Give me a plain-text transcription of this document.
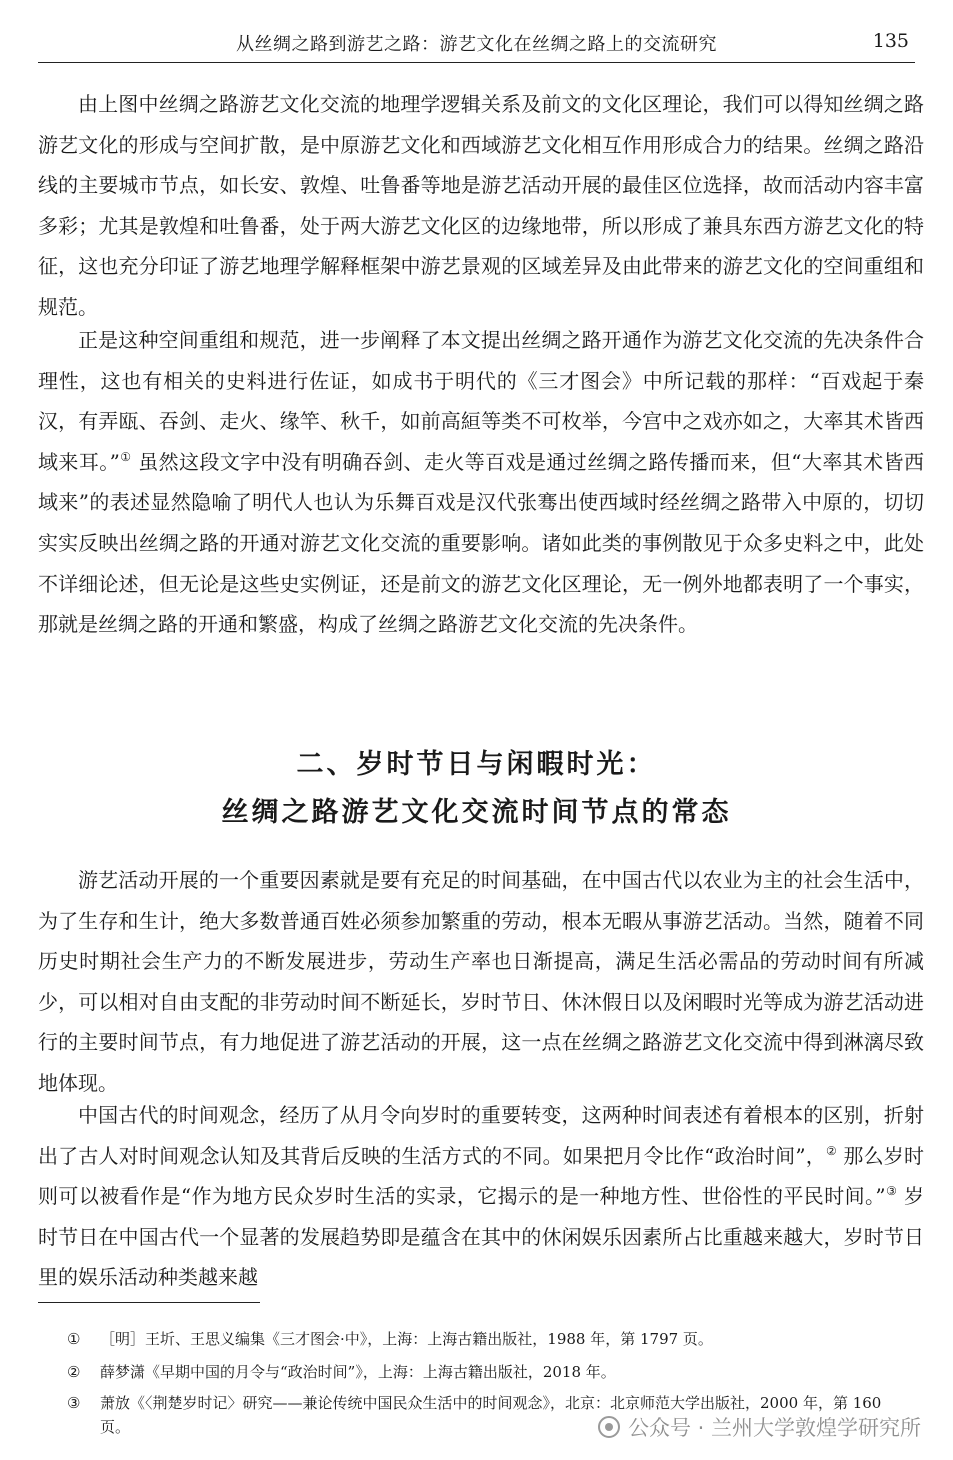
从丝绸之路到游艺之路：游艺文化在丝绸之路上的交流研究	135

由上图中丝绸之路游艺文化交流的地理学逻辑关系及前文的文化区理论，我们可以得知丝绸之路游艺文化的形成与空间扩散，是中原游艺文化和西域游艺文化相互作用形成合力的结果。丝绸之路沿线的主要城市节点，如长安、敦煌、吐鲁番等地是游艺活动开展的最佳区位选择，故而活动内容丰富多彩；尤其是敦煌和吐鲁番，处于两大游艺文化区的边缘地带，所以形成了兼具东西方游艺文化的特征，这也充分印证了游艺地理学解释框架中游艺景观的区域差异及由此带来的游艺文化的空间重组和规范。

正是这种空间重组和规范，进一步阐释了本文提出丝绸之路开通作为游艺文化交流的先决条件合理性，这也有相关的史料进行佐证，如成书于明代的《三才图会》中所记载的那样：“百戏起于秦汉，有弄瓯、吞剑、走火、缘竿、秋千，如前高絙等类不可枚举，今宫中之戏亦如之，大率其术皆西域来耳。”① 虽然这段文字中没有明确吞剑、走火等百戏是通过丝绸之路传播而来，但“大率其术皆西域来”的表述显然隐喻了明代人也认为乐舞百戏是汉代张骞出使西域时经丝绸之路带入中原的，切切实实反映出丝绸之路的开通对游艺文化交流的重要影响。诸如此类的事例散见于众多史料之中，此处不详细论述，但无论是这些史实例证，还是前文的游艺文化区理论，无一例外地都表明了一个事实，那就是丝绸之路的开通和繁盛，构成了丝绸之路游艺文化交流的先决条件。

二、岁时节日与闲暇时光：
丝绸之路游艺文化交流时间节点的常态

游艺活动开展的一个重要因素就是要有充足的时间基础，在中国古代以农业为主的社会生活中，为了生存和生计，绝大多数普通百姓必须参加繁重的劳动，根本无暇从事游艺活动。当然，随着不同历史时期社会生产力的不断发展进步，劳动生产率也日渐提高，满足生活必需品的劳动时间有所减少，可以相对自由支配的非劳动时间不断延长，岁时节日、休沐假日以及闲暇时光等成为游艺活动进行的主要时间节点，有力地促进了游艺活动的开展，这一点在丝绸之路游艺文化交流中得到淋漓尽致地体现。

中国古代的时间观念，经历了从月令向岁时的重要转变，这两种时间表述有着根本的区别，折射出了古人对时间观念认知及其背后反映的生活方式的不同。如果把月令比作“政治时间”，② 那么岁时则可以被看作是“作为地方民众岁时生活的实录，它揭示的是一种地方性、世俗性的平民时间。”③ 岁时节日在中国古代一个显著的发展趋势即是蕴含在其中的休闲娱乐因素所占比重越来越大，岁时节日里的娱乐活动种类越来越

①	［明］王圻、王思义编集《三才图会·中》，上海：上海古籍出版社，1988 年，第 1797 页。
②	薛梦潇《早期中国的月令与“政治时间”》，上海：上海古籍出版社，2018 年。
③	萧放《〈荆楚岁时记〉研究——兼论传统中国民众生活中的时间观念》，北京：北京师范大学出版社，2000 年，第 160 页。	公众号 · 兰州大学敦煌学研究所
